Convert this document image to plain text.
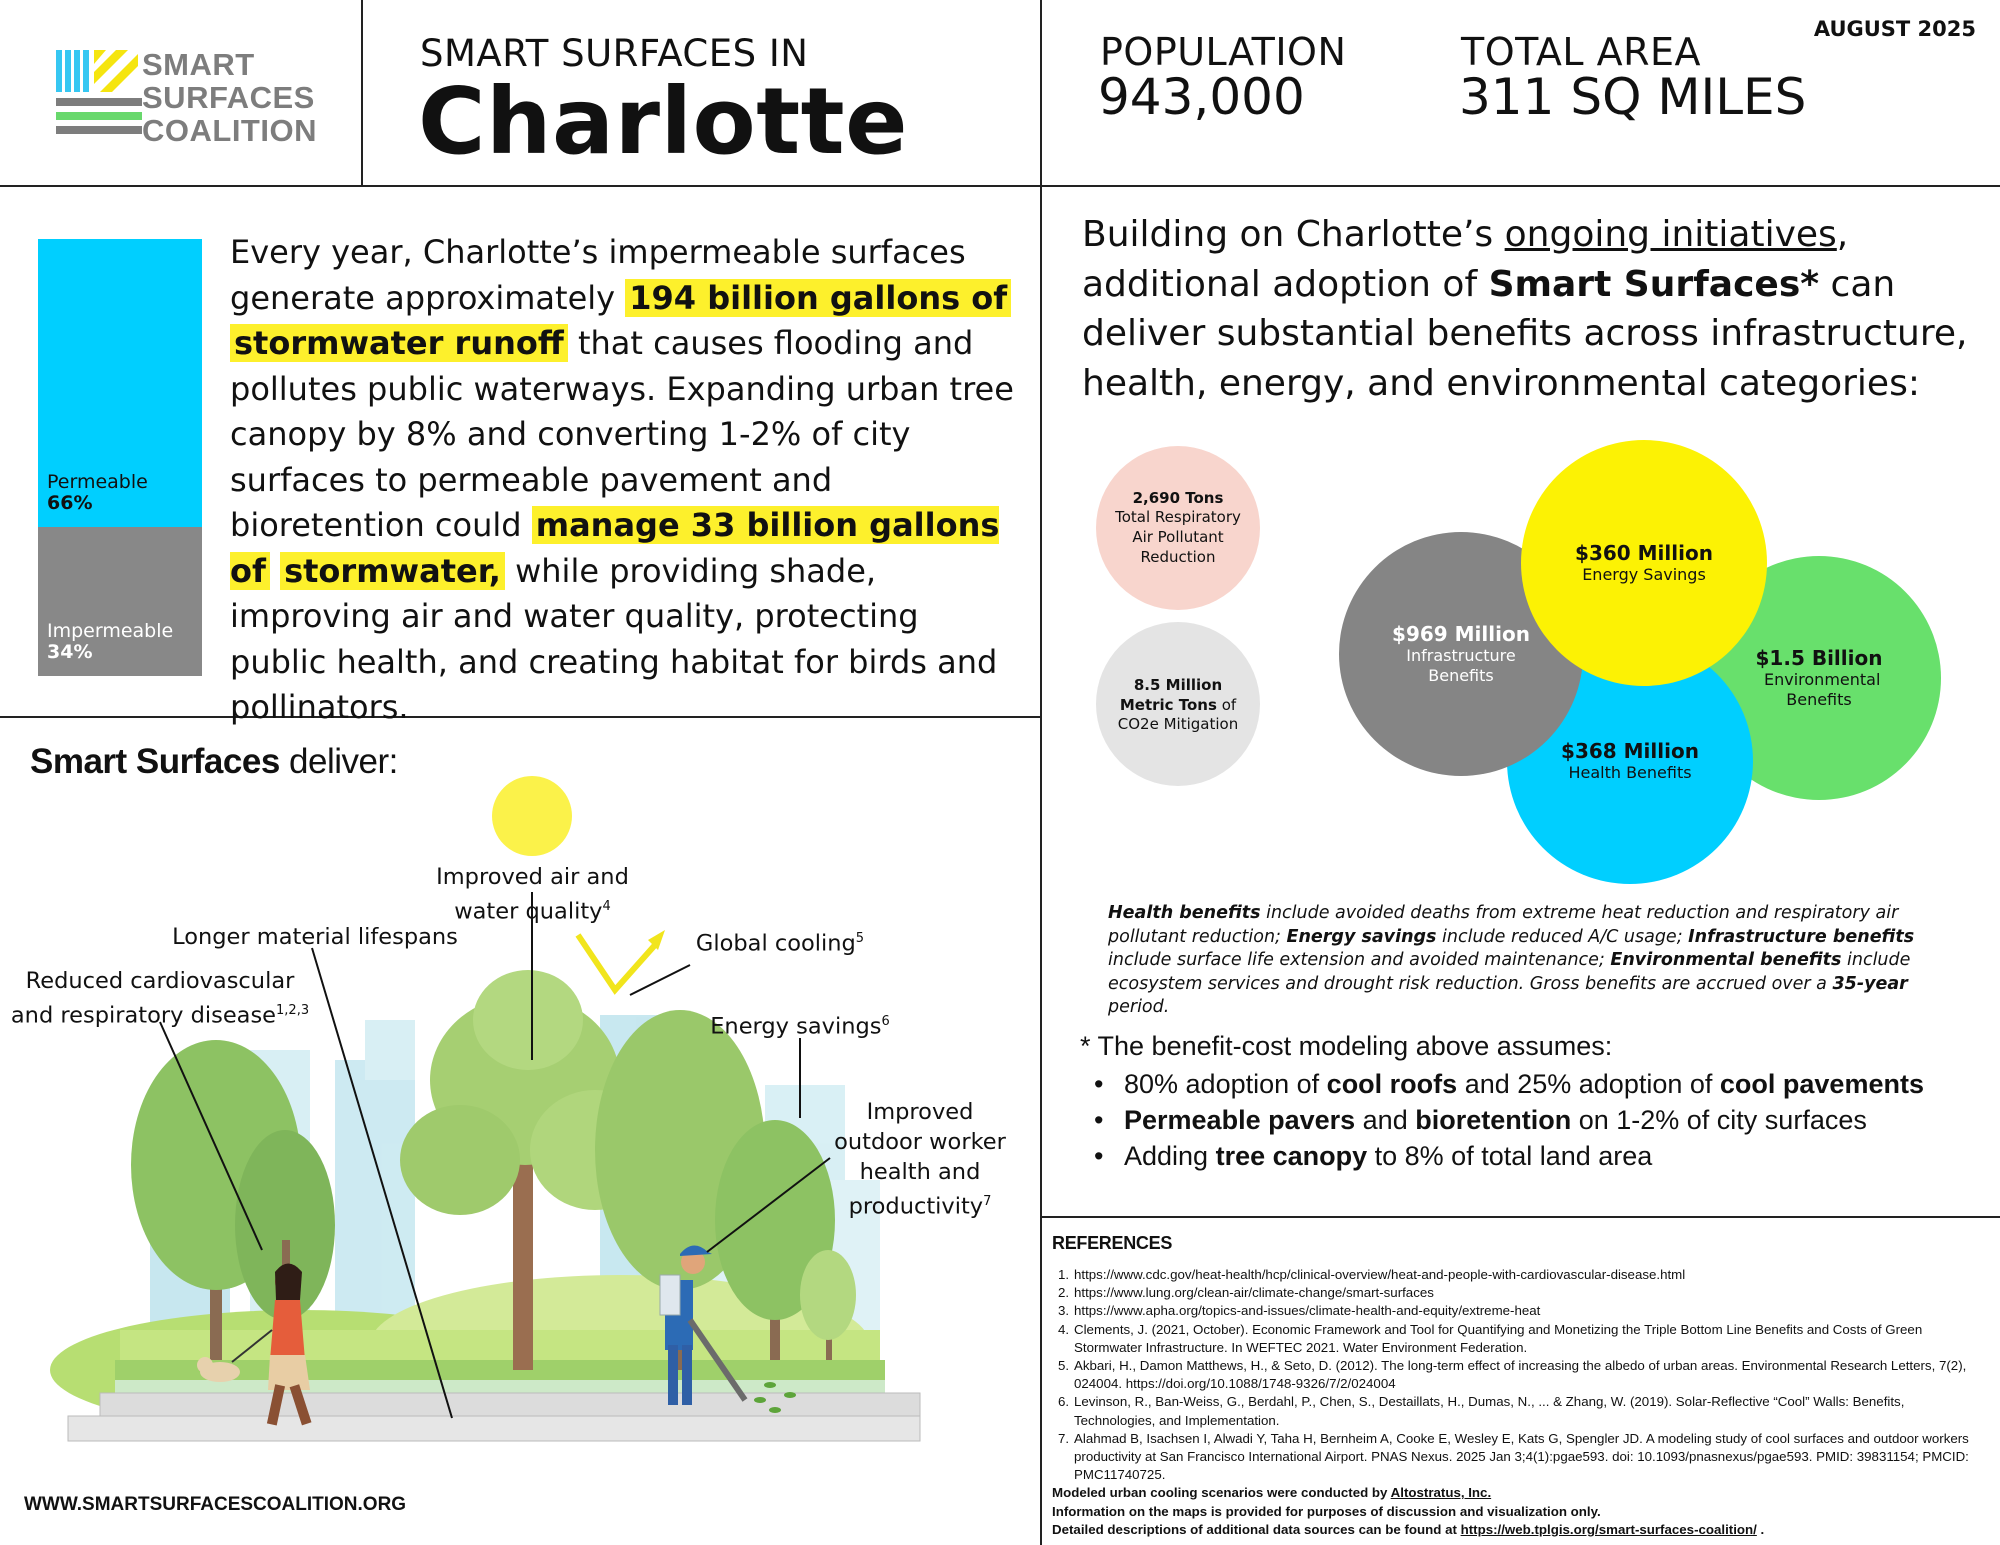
SMART
SURFACES
COALITION
SMART SURFACES IN
Charlotte
POPULATION
943,000
TOTAL AREA
311 SQ MILES
AUGUST 2025
Permeable
66%
Impermeable
34%
Every year, Charlotte’s impermeable surfaces generate approximately 194 billion gallons of stormwater runoff that causes flooding and pollutes public waterways. Expanding urban tree canopy by 8% and converting 1-2% of city surfaces to permeable pavement and bioretention could manage 33 billion gallons of stormwater, while providing shade, improving air and water quality, protecting public health, and creating habitat for birds and pollinators.
Building on Charlotte’s ongoing initiatives, additional adoption of Smart Surfaces* can deliver substantial benefits across infrastructure, health, energy, and environmental categories:
2,690 Tons
Total Respiratory Air Pollutant Reduction
8.5 Million Metric Tons of
CO2e Mitigation
$1.5 Billion
Environmental Benefits
$368 Million
Health Benefits
$969 Million
Infrastructure Benefits
$360 Million
Energy Savings
Health benefits include avoided deaths from extreme heat reduction and respiratory air pollutant reduction; Energy savings include reduced A/C usage; Infrastructure benefits include surface life extension and avoided maintenance; Environmental benefits include ecosystem services and drought risk reduction. Gross benefits are accrued over a 35-year period.
* The benefit-cost modeling above assumes:
• 80% adoption of cool roofs and 25% adoption of cool pavements
• Permeable pavers and bioretention on 1-2% of city surfaces
• Adding tree canopy to 8% of total land area
REFERENCES
1. https://www.cdc.gov/heat-health/hcp/clinical-overview/heat-and-people-with-cardiovascular-disease.html
2. https://www.lung.org/clean-air/climate-change/smart-surfaces
3. https://www.apha.org/topics-and-issues/climate-health-and-equity/extreme-heat
4. Clements, J. (2021, October). Economic Framework and Tool for Quantifying and Monetizing the Triple Bottom Line Benefits and Costs of Green Stormwater Infrastructure. In WEFTEC 2021. Water Environment Federation.
5. Akbari, H., Damon Matthews, H., & Seto, D. (2012). The long-term effect of increasing the albedo of urban areas. Environmental Research Letters, 7(2), 024004. https://doi.org/10.1088/1748-9326/7/2/024004
6. Levinson, R., Ban-Weiss, G., Berdahl, P., Chen, S., Destaillats, H., Dumas, N., ... & Zhang, W. (2019). Solar-Reflective “Cool” Walls: Benefits, Technologies, and Implementation.
7. Alahmad B, Isachsen I, Alwadi Y, Taha H, Bernheim A, Cooke E, Wesley E, Kats G, Spengler JD. A modeling study of cool surfaces and outdoor workers productivity at San Francisco International Airport. PNAS Nexus. 2025 Jan 3;4(1):pgae593. doi: 10.1093/pnasnexus/pgae593. PMID: 39831154; PMCID: PMC11740725.
Modeled urban cooling scenarios were conducted by Altostratus, Inc.
Information on the maps is provided for purposes of discussion and visualization only.
Detailed descriptions of additional data sources can be found at https://web.tplgis.org/smart-surfaces-coalition/ .
Smart Surfaces deliver:
Improved air and water quality$^4$
Longer material lifespans
Reduced cardiovascular and respiratory disease$^{1,2,3}$
Global cooling$^5$
Energy savings$^6$
Improved outdoor worker health and productivity$^7$
WWW.SMARTSURFACESCOALITION.ORG
